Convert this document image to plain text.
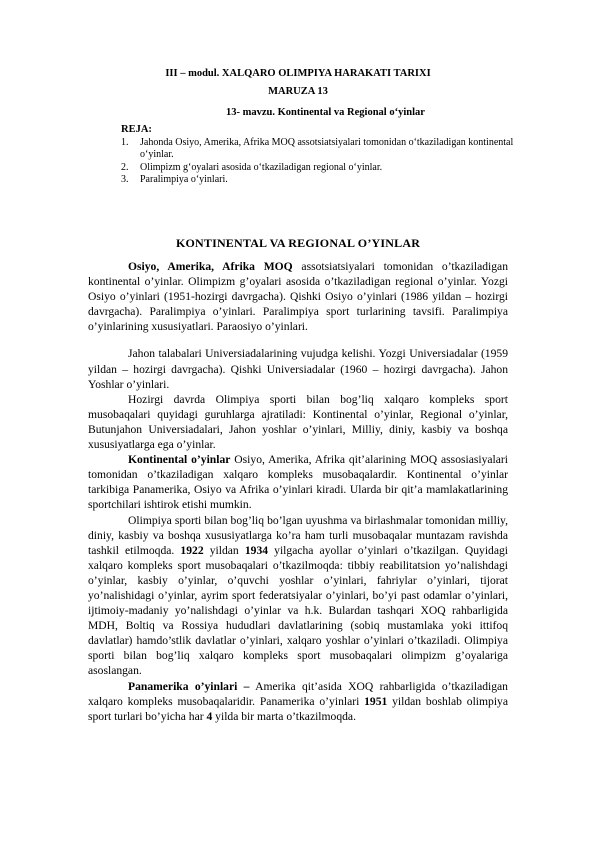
III – modul. XALQARO OLIMPIYA HARAKATI TARIXI
MARUZA 13
13- mavzu. Kontinental va Regional o‘yinlar
REJA:
1. Jahonda Osiyo, Amerika, Afrika MOQ assotsiatsiyalari tomonidan o‘tkaziladigan kontinental o‘yinlar.
2. Olimpizm g‘oyalari asosida o‘tkaziladigan regional o‘yinlar.
3. Paralimpiya o‘yinlari.
KONTINENTAL VA REGIONAL O’YINLAR

Osiyo, Amerika, Afrika MOQ assotsiatsiyalari tomonidan o’tkaziladigan kontinental o’yinlar. Olimpizm g’oyalari asosida o’tkaziladigan regional o’yinlar. Yozgi Osiyo o’yinlari (1951-hozirgi davrgacha). Qishki Osiyo o’yinlari (1986 yildan – hozirgi davrgacha). Paralimpiya o’yinlari. Paralimpiya sport turlarining tavsifi. Paralimpiya o’yinlarining xususiyatlari. Paraosiyo o’yinlari.

Jahon talabalari Universiadalarining vujudga kelishi. Yozgi Universiadalar (1959 yildan – hozirgi davrgacha). Qishki Universiadalar (1960 – hozirgi davrgacha). Jahon Yoshlar o’yinlari.

Hozirgi davrda Olimpiya sporti bilan bog’liq xalqaro kompleks sport musobaqalari quyidagi guruhlarga ajratiladi: Kontinental o’yinlar, Regional o’yinlar, Butunjahon Universiadalari, Jahon yoshlar o’yinlari, Milliy, diniy, kasbiy va boshqa xususiyatlarga ega o’yinlar.

Kontinental o’yinlar Osiyo, Amerika, Afrika qit’alarining MOQ assosiasiyalari tomonidan o’tkaziladigan xalqaro kompleks musobaqalardir. Kontinental o’yinlar tarkibiga Panamerika, Osiyo va Afrika o’yinlari kiradi. Ularda bir qit’a mamlakatlarining sportchilari ishtirok etishi mumkin.

Olimpiya sporti bilan bog’liq bo’lgan uyushma va birlashmalar tomonidan milliy, diniy, kasbiy va boshqa xususiyatlarga ko’ra ham turli musobaqalar muntazam ravishda tashkil etilmoqda. 1922 yildan 1934 yilgacha ayollar o’yinlari o’tkazilgan. Quyidagi xalqaro kompleks sport musobaqalari o’tkazilmoqda: tibbiy reabilitatsion yo’nalishdagi o’yinlar, kasbiy o’yinlar, o’quvchi yoshlar o’yinlari, fahriylar o’yinlari, tijorat yo’nalishidagi o’yinlar, ayrim sport federatsiyalar o’yinlari, bo’yi past odamlar o’yinlari, ijtimoiy-madaniy yo’nalishdagi o’yinlar va h.k. Bulardan tashqari XOQ rahbarligida MDH, Boltiq va Rossiya hududlari davlatlarining (sobiq mustamlaka yoki ittifoq davlatlar) hamdo’stlik davlatlar o’yinlari, xalqaro yoshlar o’yinlari o’tkaziladi. Olimpiya sporti bilan bog’liq xalqaro kompleks sport musobaqalari olimpizm g’oyalariga asoslangan.

Panamerika o’yinlari – Amerika qit’asida XOQ rahbarligida o’tkaziladigan xalqaro kompleks musobaqalaridir. Panamerika o’yinlari 1951 yildan boshlab olimpiya sport turlari bo’yicha har 4 yilda bir marta o’tkazilmoqda.
